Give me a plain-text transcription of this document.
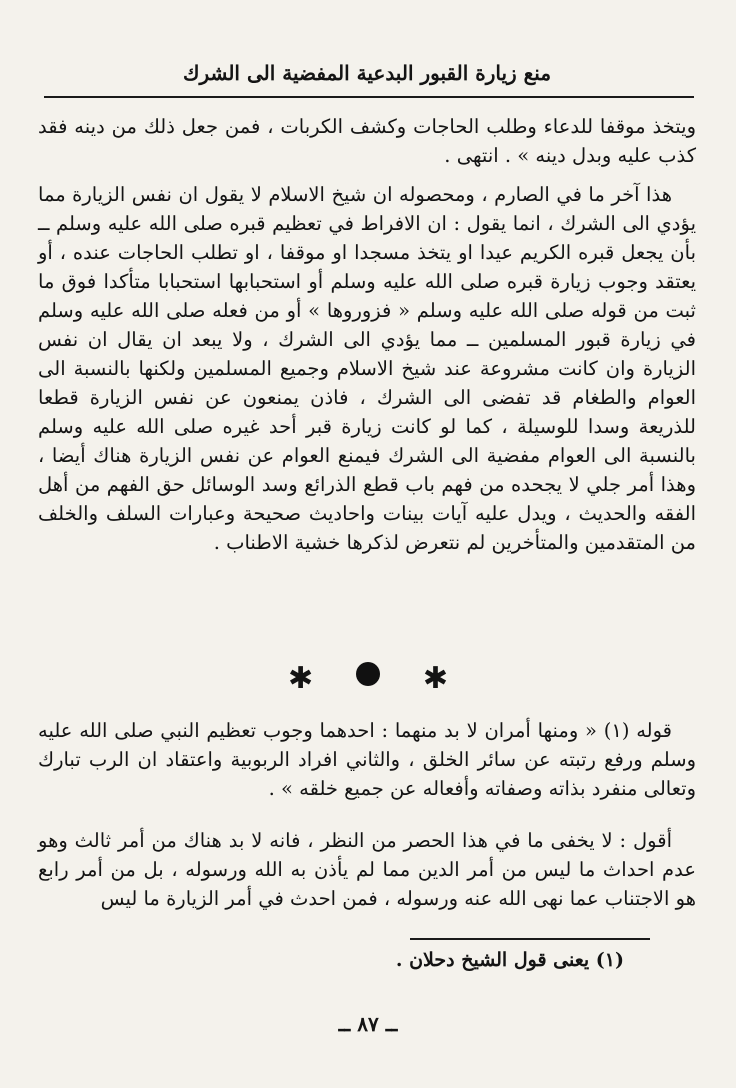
منع زيارة القبور البدعية المفضية الى الشرك

ويتخذ موقفا للدعاء وطلب الحاجات وكشف الكربات ، فمن جعل ذلك من دينه فقد كذب عليه وبدل دينه » . انتهى .

هذا آخر ما في الصارم ، ومحصوله ان شيخ الاسلام لا يقول ان نفس الزيارة مما يؤدي الى الشرك ، انما يقول : ان الافراط في تعظيم قبره صلى الله عليه وسلم ــ بأن يجعل قبره الكريم عيدا او يتخذ مسجدا او موقفا ، او تطلب الحاجات عنده ، أو يعتقد وجوب زيارة قبره صلى الله عليه وسلم أو استحبابها استحبابا متأكدا فوق ما ثبت من قوله صلى الله عليه وسلم « فزوروها » أو من فعله صلى الله عليه وسلم في زيارة قبور المسلمين ــ مما يؤدي الى الشرك ، ولا يبعد ان يقال ان نفس الزيارة وان كانت مشروعة عند شيخ الاسلام وجميع المسلمين ولكنها بالنسبة الى العوام والطغام قد تفضى الى الشرك ، فاذن يمنعون عن نفس الزيارة قطعا للذريعة وسدا للوسيلة ، كما لو كانت زيارة قبر أحد غيره صلى الله عليه وسلم بالنسبة الى العوام مفضية الى الشرك فيمنع العوام عن نفس الزيارة هناك أيضا ، وهذا أمر جلي لا يجحده من فهم باب قطع الذرائع وسد الوسائل حق الفهم من أهل الفقه والحديث ، ويدل عليه آيات بينات واحاديث صحيحة وعبارات السلف والخلف من المتقدمين والمتأخرين لم نتعرض لذكرها خشية الاطناب .

✱	✱

قوله (١) « ومنها أمران لا بد منهما : احدهما وجوب تعظيم النبي صلى الله عليه وسلم ورفع رتبته عن سائر الخلق ، والثاني افراد الربوبية واعتقاد ان الرب تبارك وتعالى منفرد بذاته وصفاته وأفعاله عن جميع خلقه » .

أقول : لا يخفى ما في هذا الحصر من النظر ، فانه لا بد هناك من أمر ثالث وهو عدم احداث ما ليس من أمر الدين مما لم يأذن به الله ورسوله ، بل من أمر رابع هو الاجتناب عما نهى الله عنه ورسوله ، فمن احدث في أمر الزيارة ما ليس

(١) يعنى قول الشيخ دحلان .
ــ ٨٧ ــ
